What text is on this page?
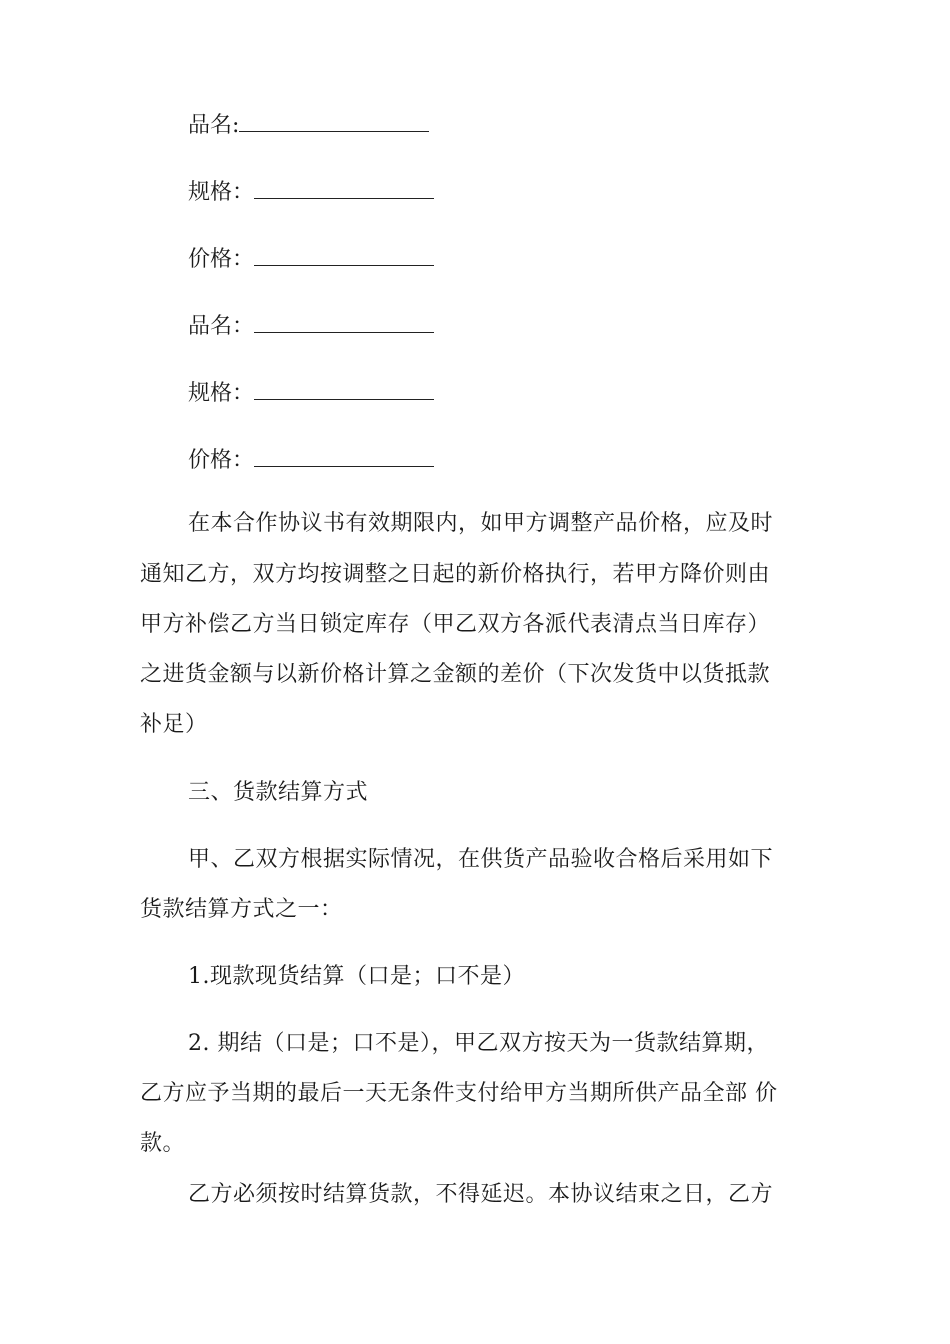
品名:
规格：
价格：
品名：
规格：
价格：
在本合作协议书有效期限内，如甲方调整产品价格，应及时
通知乙方，双方均按调整之日起的新价格执行，若甲方降价则由
甲方补偿乙方当日锁定库存（甲乙双方各派代表清点当日库存）
之进货金额与以新价格计算之金额的差价（下次发货中以货抵款
补足）
三、货款结算方式
甲、乙双方根据实际情况，在供货产品验收合格后采用如下
货款结算方式之一：
1.现款现货结算（口是；口不是）
2. 期结（口是；口不是），甲乙双方按天为一货款结算期，
乙方应予当期的最后一天无条件支付给甲方当期所供产品全部 价
款。
乙方必须按时结算货款，不得延迟。本协议结束之日，乙方
